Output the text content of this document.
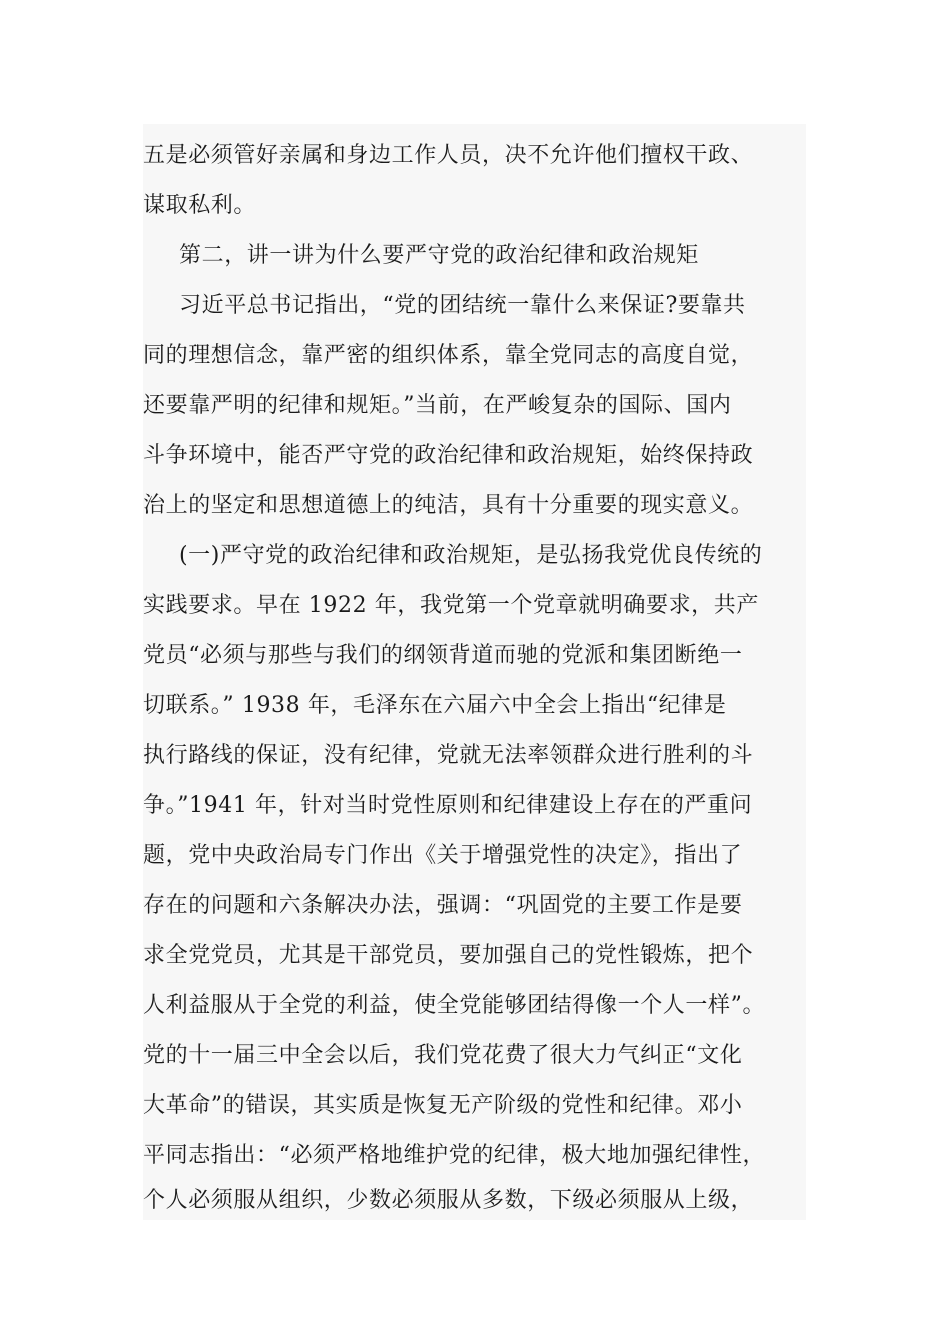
五是必须管好亲属和身边工作人员，决不允许他们擅权干政、
谋取私利。
第二，讲一讲为什么要严守党的政治纪律和政治规矩
习近平总书记指出，“党的团结统一靠什么来保证?要靠共
同的理想信念，靠严密的组织体系，靠全党同志的高度自觉，
还要靠严明的纪律和规矩。”当前，在严峻复杂的国际、国内
斗争环境中，能否严守党的政治纪律和政治规矩，始终保持政
治上的坚定和思想道德上的纯洁，具有十分重要的现实意义。
(一)严守党的政治纪律和政治规矩，是弘扬我党优良传统的
实践要求。早在 1922 年，我党第一个党章就明确要求，共产
党员“必须与那些与我们的纲领背道而驰的党派和集团断绝一
切联系。” 1938 年，毛泽东在六届六中全会上指出“纪律是
执行路线的保证，没有纪律，党就无法率领群众进行胜利的斗
争。”1941 年，针对当时党性原则和纪律建设上存在的严重问
题，党中央政治局专门作出《关于增强党性的决定》，指出了
存在的问题和六条解决办法，强调：“巩固党的主要工作是要
求全党党员，尤其是干部党员，要加强自己的党性锻炼，把个
人利益服从于全党的利益，使全党能够团结得像一个人一样”。
党的十一届三中全会以后，我们党花费了很大力气纠正“文化
大革命”的错误，其实质是恢复无产阶级的党性和纪律。邓小
平同志指出：“必须严格地维护党的纪律，极大地加强纪律性，
个人必须服从组织，少数必须服从多数，下级必须服从上级，
